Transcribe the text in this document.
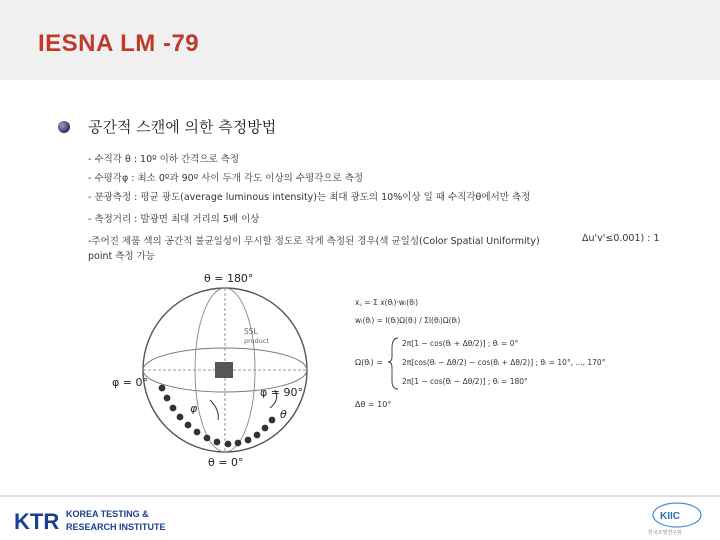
IESNA LM -79
공간적 스캔에 의한 측정방법
- 수직각 θ : 10º 이하 간격으로 측정
- 수평각φ : 최소 0º과 90º 사이 두개 각도 이상의 수평각으로 측정
- 분광측정 : 평균 광도(average luminous intensity)는 최대 광도의 10%이상 일 때 수직각θ에서만 측정
- 측정거리 : 발광면 최대 거리의 5배 이상
-주어진 제품 색의 공간적 불균일성이 무시할 정도로 작게 측정된 경우(색 균일성(Color Spatial Uniformity)	Δu'v'≤0.001) : 1
point 측정 가능
θ = 180°
θ = 0°
φ = 0°
φ = 90°
SSL
product
φ	θ
x꜀ = Σ x(θᵢ)·wᵢ(θᵢ)
wᵢ(θᵢ) = I(θᵢ)Ω(θᵢ) / ΣI(θᵢ)Ω(θᵢ)
Ω(θᵢ) =
2π[1 − cos(θᵢ + Δθ/2)] ; θᵢ = 0°
2π[cos(θᵢ − Δθ/2) − cos(θᵢ + Δθ/2)] ; θᵢ = 10°, ..., 170°
2π[1 − cos(θᵢ − Δθ/2)] ; θᵢ = 180°
Δθ = 10°
KTR KOREA TESTING &
RESEARCH INSTITUTE
KIIC
한국조명연구원
